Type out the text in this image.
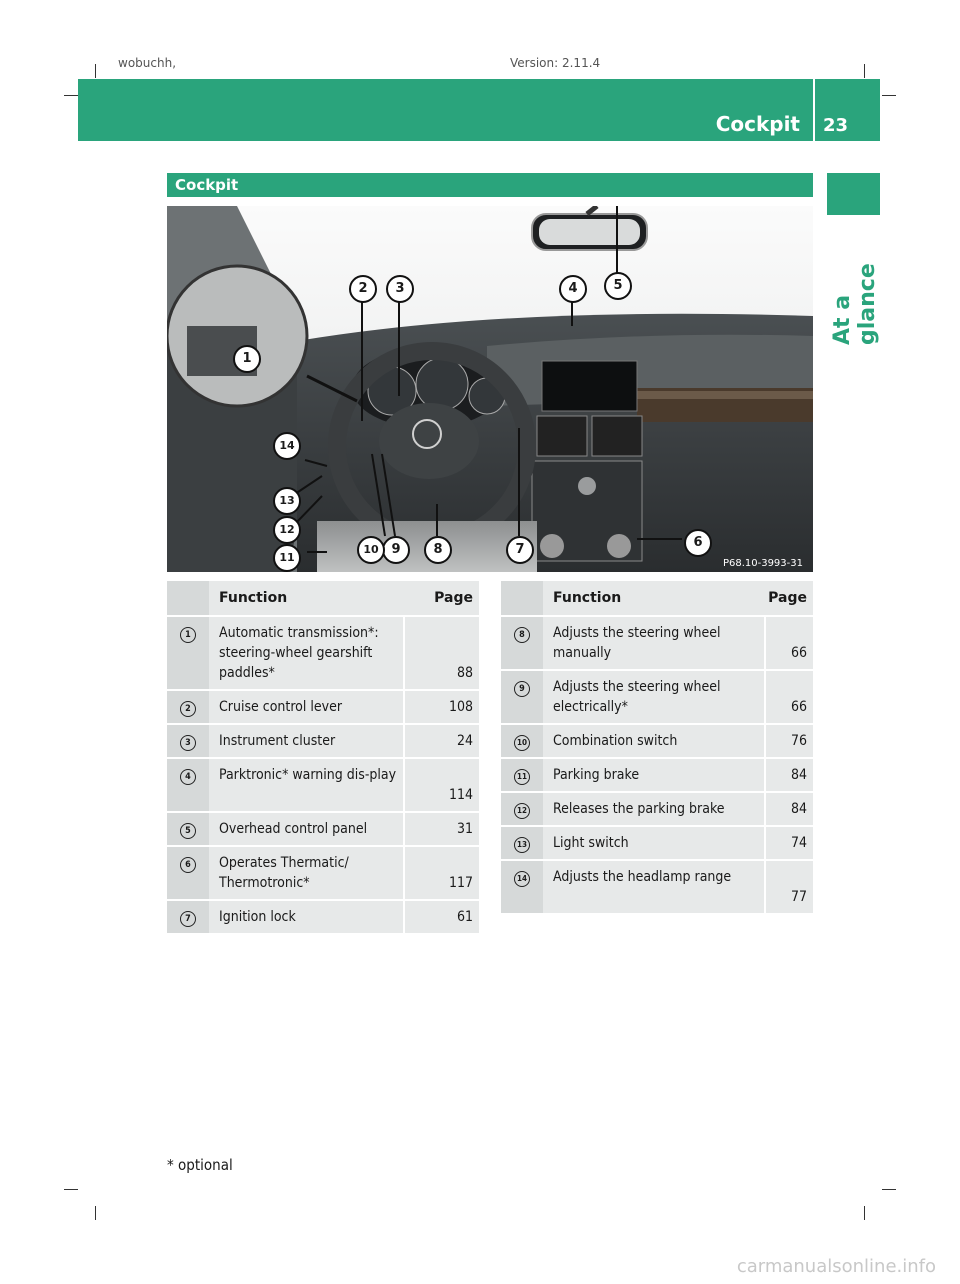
wobuchh,	Version: 2.11.4
Cockpit 23
At a glance
Cockpit
P68.10-3993-31
1
2	3	4	5
6
7
8
9
10
11
12
13
14
	Function	Page
1	Automatic transmission*: steering-wheel gearshift paddles*	88
2	Cruise control lever	108
3	Instrument cluster	24
4	Parktronic* warning dis-play	114
5	Overhead control panel	31
6	Operates Thermatic/ Thermotronic*	117
7	Ignition lock	61
	Function	Page
8	Adjusts the steering wheel manually	66
9	Adjusts the steering wheel electrically*	66
10	Combination switch	76
11	Parking brake	84
12	Releases the parking brake	84
13	Light switch	74
14	Adjusts the headlamp range	77
* optional
carmanualsonline.info
